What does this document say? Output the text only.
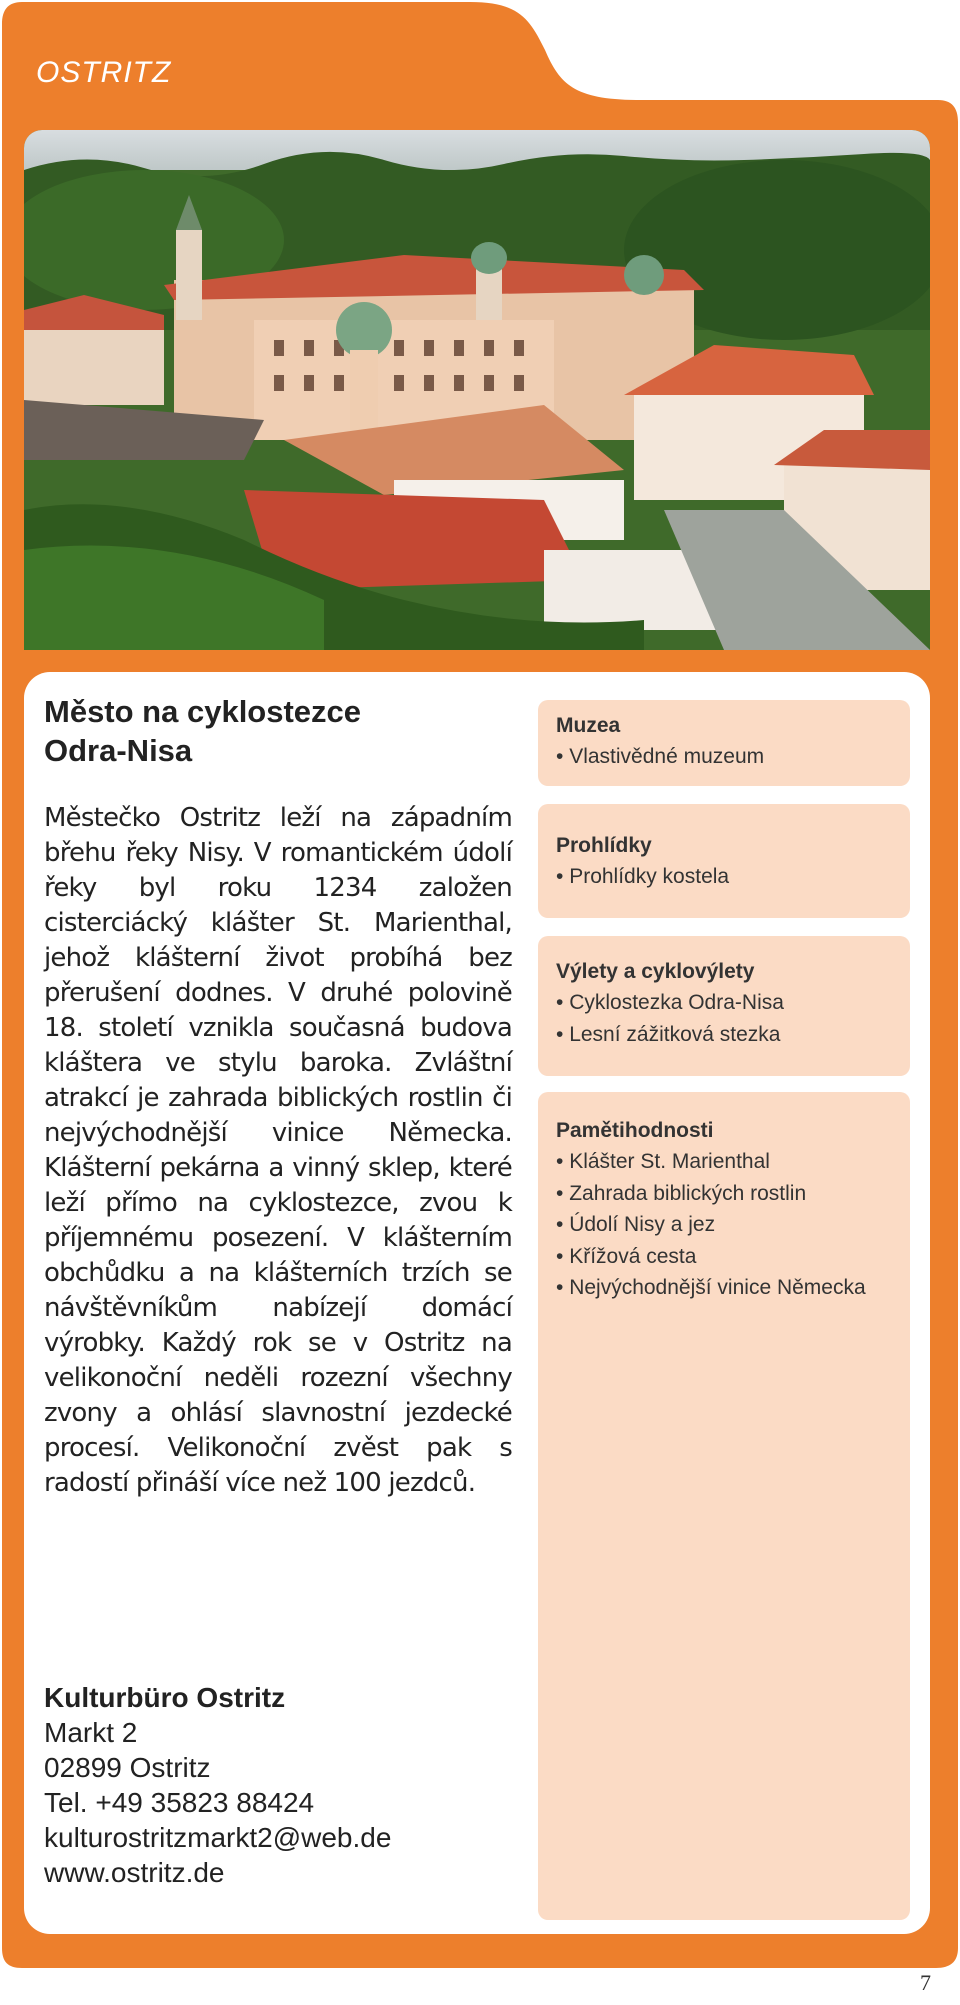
OSTRITZ
Město na cyklostezce
Odra-Nisa
Městečko Ostritz leží na západním břehu řeky Nisy. V romantickém údolí řeky byl roku 1234 založen cisterciácký klášter St. Marienthal, jehož klášterní život probíhá bez přerušení dodnes. V druhé polovině 18. století vznikla současná budova kláštera ve stylu baroka. Zvláštní atrakcí je zahrada biblických rostlin či nejvýchodnější vinice Německa. Klášterní pekárna a vinný sklep, které leží přímo na cyklostezce, zvou k příjemnému posezení. V klášterním obchůdku a na klášterních trzích se návštěvníkům nabízejí domácí výrobky. Každý rok se v Ostritz na velikonoční neděli rozezní všechny zvony a ohlásí slavnostní jezdecké procesí. Velikonoční zvěst pak s radostí přináší více než 100 jezdců.
Kulturbüro Ostritz
Markt 2
02899 Ostritz
Tel. +49 35823 88424
kulturostritzmarkt2@web.de
www.ostritz.de
Muzea
• Vlastivědné muzeum
Prohlídky
• Prohlídky kostela
Výlety a cyklovýlety
• Cyklostezka Odra-Nisa
• Lesní zážitková stezka
Pamětihodnosti
• Klášter St. Marienthal
• Zahrada biblických rostlin
• Údolí Nisy a jez
• Křížová cesta
• Nejvýchodnější vinice Německa
7
